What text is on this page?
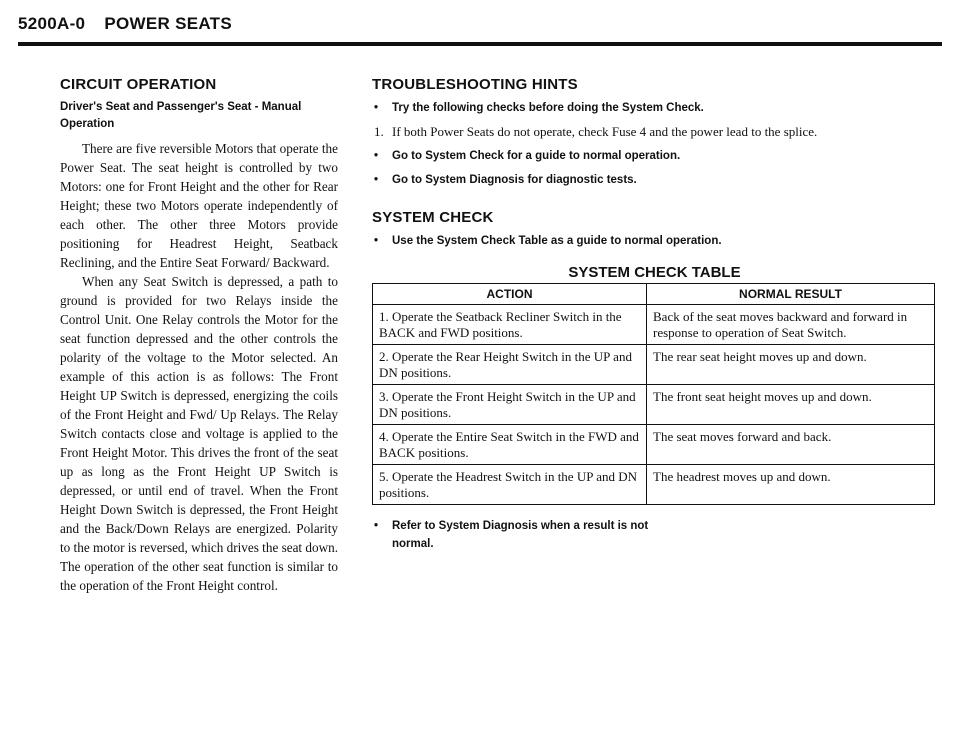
5200A-0 POWER SEATS
CIRCUIT OPERATION

Driver's Seat and Passenger's Seat - Manual Operation

There are five reversible Motors that operate the Power Seat. The seat height is controlled by two Motors: one for Front Height and the other for Rear Height; these two Motors operate independently of each other. The other three Motors provide positioning for Headrest Height, Seatback Reclining, and the Entire Seat Forward/ Backward.

When any Seat Switch is depressed, a path to ground is provided for two Relays inside the Control Unit. One Relay controls the Motor for the seat function depressed and the other controls the polarity of the voltage to the Motor selected. An example of this action is as follows: The Front Height UP Switch is depressed, energizing the coils of the Front Height and Fwd/ Up Relays. The Relay Switch contacts close and voltage is applied to the Front Height Motor. This drives the front of the seat up as long as the Front Height UP Switch is depressed, or until end of travel. When the Front Height Down Switch is depressed, the Front Height and the Back/Down Relays are energized. Polarity to the motor is reversed, which drives the seat down. The operation of the other seat function is similar to the operation of the Front Height control.

TROUBLESHOOTING HINTS
• Try the following checks before doing the System Check.
1. If both Power Seats do not operate, check Fuse 4 and the power lead to the splice.
• Go to System Check for a guide to normal operation.
• Go to System Diagnosis for diagnostic tests.
SYSTEM CHECK
• Use the System Check Table as a guide to normal operation.
SYSTEM CHECK TABLE
ACTION	NORMAL RESULT
1. Operate the Seatback Recliner Switch in the BACK and FWD positions.	Back of the seat moves backward and forward in response to operation of Seat Switch.
2. Operate the Rear Height Switch in the UP and DN positions.	The rear seat height moves up and down.
3. Operate the Front Height Switch in the UP and DN positions.	The front seat height moves up and down.
4. Operate the Entire Seat Switch in the FWD and BACK positions.	The seat moves forward and back.
5. Operate the Headrest Switch in the UP and DN positions.	The headrest moves up and down.
• Refer to System Diagnosis when a result is not normal.
